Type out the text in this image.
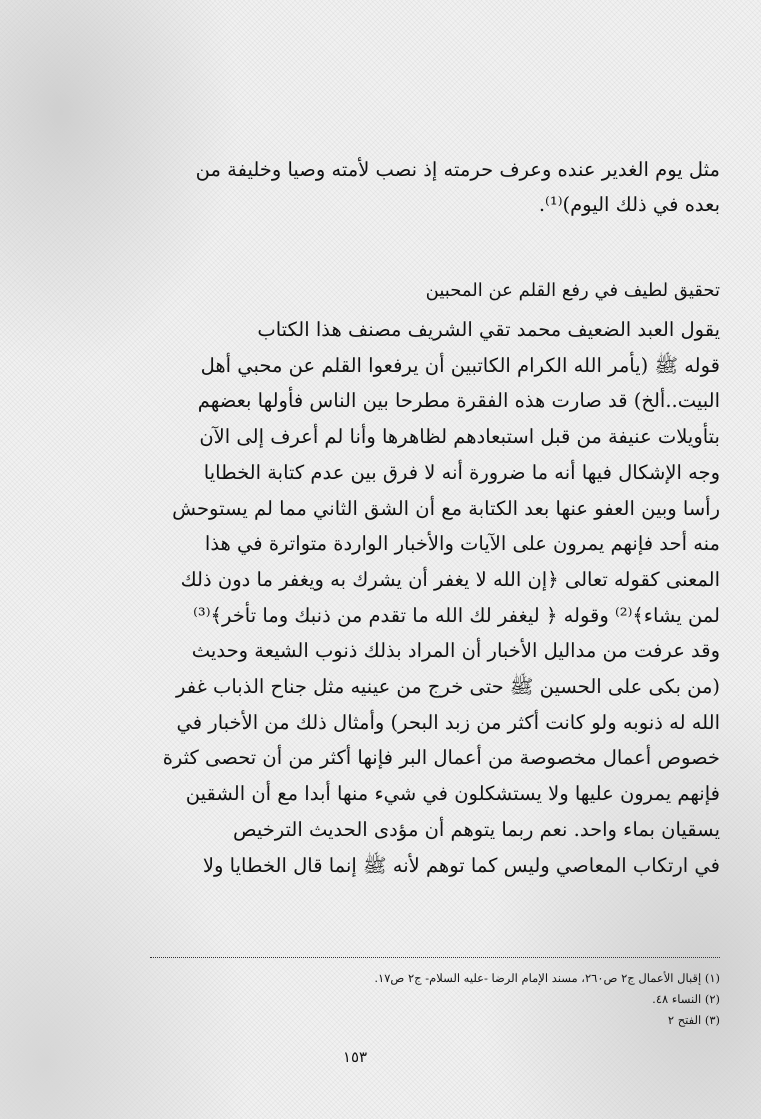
مثل يوم الغدير عنده وعرف حرمته إذ نصب لأمته وصيا وخليفة من
بعده في ذلك اليوم)⁽¹⁾.
تحقيق لطيف في رفع القلم عن المحبين
يقول العبد الضعيف محمد تقي الشريف مصنف هذا الكتاب
قوله ﷺ (يأمر الله الكرام الكاتبين أن يرفعوا القلم عن محبي أهل
البيت..ألخ) قد صارت هذه الفقرة مطرحا بين الناس فأولها بعضهم
بتأويلات عنيفة من قبل استبعادهم لظاهرها وأنا لم أعرف إلى الآن
وجه الإشكال فيها أنه ما ضرورة أنه لا فرق بين عدم كتابة الخطايا
رأسا وبين العفو عنها بعد الكتابة مع أن الشق الثاني مما لم يستوحش
منه أحد فإنهم يمرون على الآيات والأخبار الواردة متواترة في هذا
المعنى كقوله تعالى ﴿إن الله لا يغفر أن يشرك به ويغفر ما دون ذلك
لمن يشاء﴾⁽²⁾ وقوله ﴿ ليغفر لك الله ما تقدم من ذنبك وما تأخر﴾⁽³⁾
وقد عرفت من مداليل الأخبار أن المراد بذلك ذنوب الشيعة وحديث
(من بكى على الحسين ﷺ حتى خرج من عينيه مثل جناح الذباب غفر
الله له ذنوبه ولو كانت أكثر من زبد البحر) وأمثال ذلك من الأخبار في
خصوص أعمال مخصوصة من أعمال البر فإنها أكثر من أن تحصى كثرة
فإنهم يمرون عليها ولا يستشكلون في شيء منها أبدا مع أن الشقين
يسقيان بماء واحد. نعم ربما يتوهم أن مؤدى الحديث الترخيص
في ارتكاب المعاصي وليس كما توهم لأنه ﷺ إنما قال الخطايا ولا
(١) إقبال الأعمال ج٢ ص٢٦٠، مسند الإمام الرضا -عليه السلام- ج٢ ص١٧.
(٢) النساء ٤٨.
(٣) الفتح ٢
١٥٣
